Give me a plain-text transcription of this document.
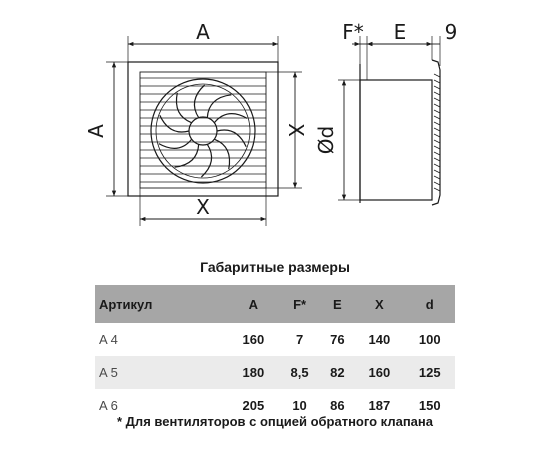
A
A
X
X
F* E 9
Ød
Габаритные размеры
Артикул	A	F*	E	X	d
A 4	160	7	76	140	100
A 5	180	8,5	82	160	125
A 6	205	10	86	187	150
* Для вентиляторов с опцией обратного клапана
